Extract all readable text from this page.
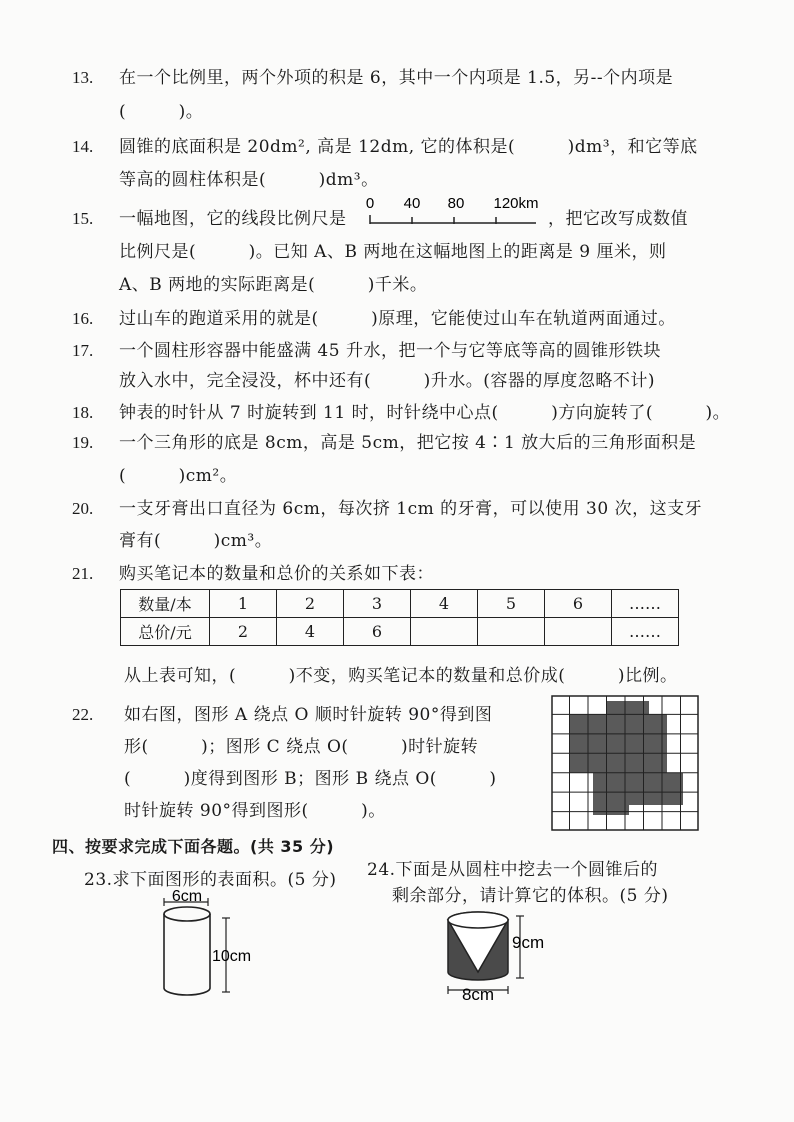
13. 在一个比例里，两个外项的积是 6，其中一个内项是 1.5，另--个内项是
(　　　)。
14. 圆锥的底面积是 20dm², 高是 12dm, 它的体积是(　　　)dm³，和它等底
等高的圆柱体积是(　　　)dm³。
15. 一幅地图，它的线段比例尺是
0 40 80 120km
，把它改写成数值
比例尺是(　　　)。已知 A、B 两地在这幅地图上的距离是 9 厘米，则
A、B 两地的实际距离是(　　　)千米。
16. 过山车的跑道采用的就是(　　　)原理，它能使过山车在轨道两面通过。
17. 一个圆柱形容器中能盛满 45 升水，把一个与它等底等高的圆锥形铁块
放入水中，完全浸没，杯中还有(　　　)升水。(容器的厚度忽略不计)
18. 钟表的时针从 7 时旋转到 11 时，时针绕中心点(　　　)方向旋转了(　　　)。
19. 一个三角形的底是 8cm，高是 5cm，把它按 4∶1 放大后的三角形面积是
(　　　)cm²。
20. 一支牙膏出口直径为 6cm，每次挤 1cm 的牙膏，可以使用 30 次，这支牙
膏有(　　　)cm³。
21. 购买笔记本的数量和总价的关系如下表：
数量/本	1	2	3	4	5	6	……
总价/元	2	4	6				……
从上表可知，(　　　)不变，购买笔记本的数量和总价成(　　　)比例。
22. 如右图，图形 A 绕点 O 顺时针旋转 90°得到图
形(　　　)；图形 C 绕点 O(　　　)时针旋转
(　　　)度得到图形 B；图形 B 绕点 O(　　　)
时针旋转 90°得到图形(　　　)。
四、按要求完成下面各题。(共 35 分)
23.求下面图形的表面积。(5 分) 24.下面是从圆柱中挖去一个圆锥后的
剩余部分，请计算它的体积。(5 分)
6cm
10cm
9cm
8cm
